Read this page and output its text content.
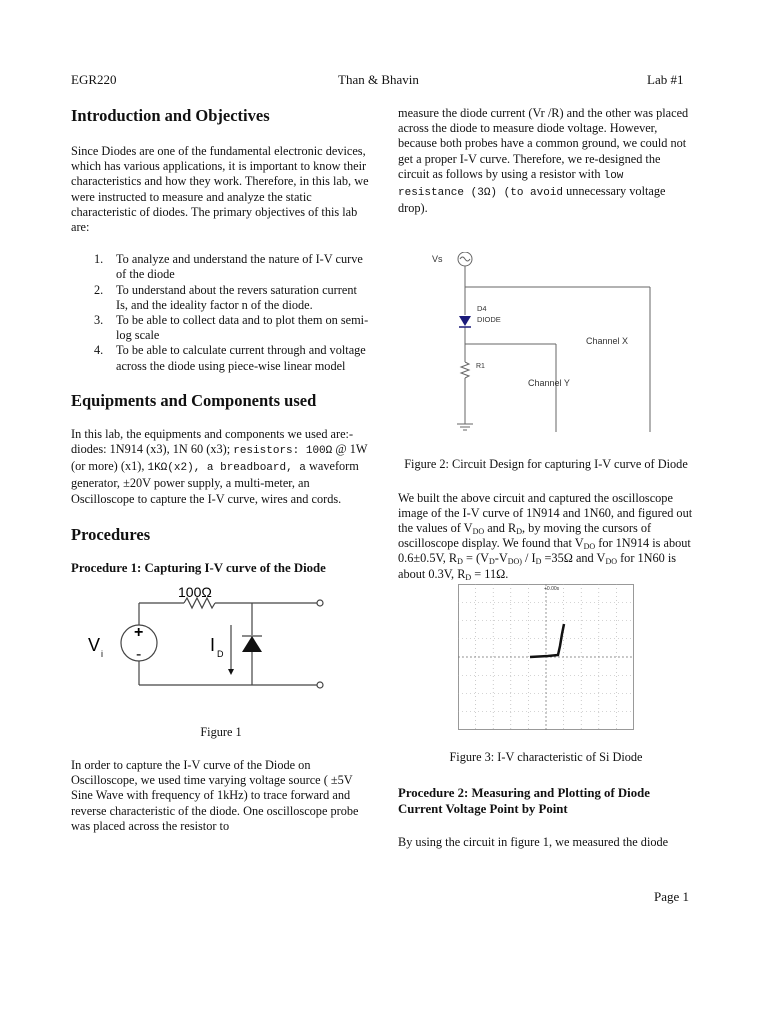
EGR220	Than & Bhavin	Lab #1
Introduction and Objectives

Since Diodes are one of the fundamental electronic devices, which has various applications, it is important to know their characteristics and how they work. Therefore, in this lab, we were instructed to measure and analyze the static characteristic of diodes. The primary objectives of this lab are:

1. To analyze and understand the nature of I-V curve of the diode
2. To understand about the revers saturation current Is, and the ideality factor n of the diode.
3. To be able to collect data and to plot them on semi-log scale
4. To be able to calculate current through and voltage across the diode using piece-wise linear model
Equipments and Components used

In this lab, the equipments and components we used are:- diodes: 1N914 (x3), 1N 60 (x3); resistors: 100Ω @ 1W (or more) (x1), 1KΩ(x2), a breadboard, a waveform generator, ±20V power supply, a multi-meter, an Oscilloscope to capture the I-V curve, wires and cords.

Procedures
Procedure 1: Capturing I-V curve of the Diode
100Ω
+
-
V i	I D

Figure 1

In order to capture the I-V curve of the Diode on Oscilloscope, we used time varying voltage source ( ±5V Sine Wave with frequency of 1kHz) to trace forward and reverse characteristic of the diode. One oscilloscope probe was placed across the resistor to

measure the diode current (Vr /R) and the other was placed across the diode to measure diode voltage. However, because both probes have a common ground, we could not get a proper I-V curve. Therefore, we re-designed the circuit as follows by using a resistor with low resistance (3Ω) (to avoid unnecessary voltage drop).

Vs
D4
DIODE
R1
Channel X
Channel Y

Figure 2: Circuit Design for capturing I-V curve of Diode

We built the above circuit and captured the oscilloscope image of the I-V curve of 1N914 and 1N60, and figured out the values of $V_{DO}$ and $R_D$, by moving the cursors of oscilloscope display. We found that $V_{DO}$ for 1N914 is about 0.6±0.5V, $R_D = (V_D-V_{DO)} / I_D =35\Omega$ and $V_{DO}$ for 1N60 is about 0.3V, $R_D = 11\Omega$.

+0.00s

Figure 3: I-V characteristic of Si Diode

Procedure 2: Measuring and Plotting of Diode Current Voltage Point by Point

By using the circuit in figure 1, we measured the diode

Page 1
